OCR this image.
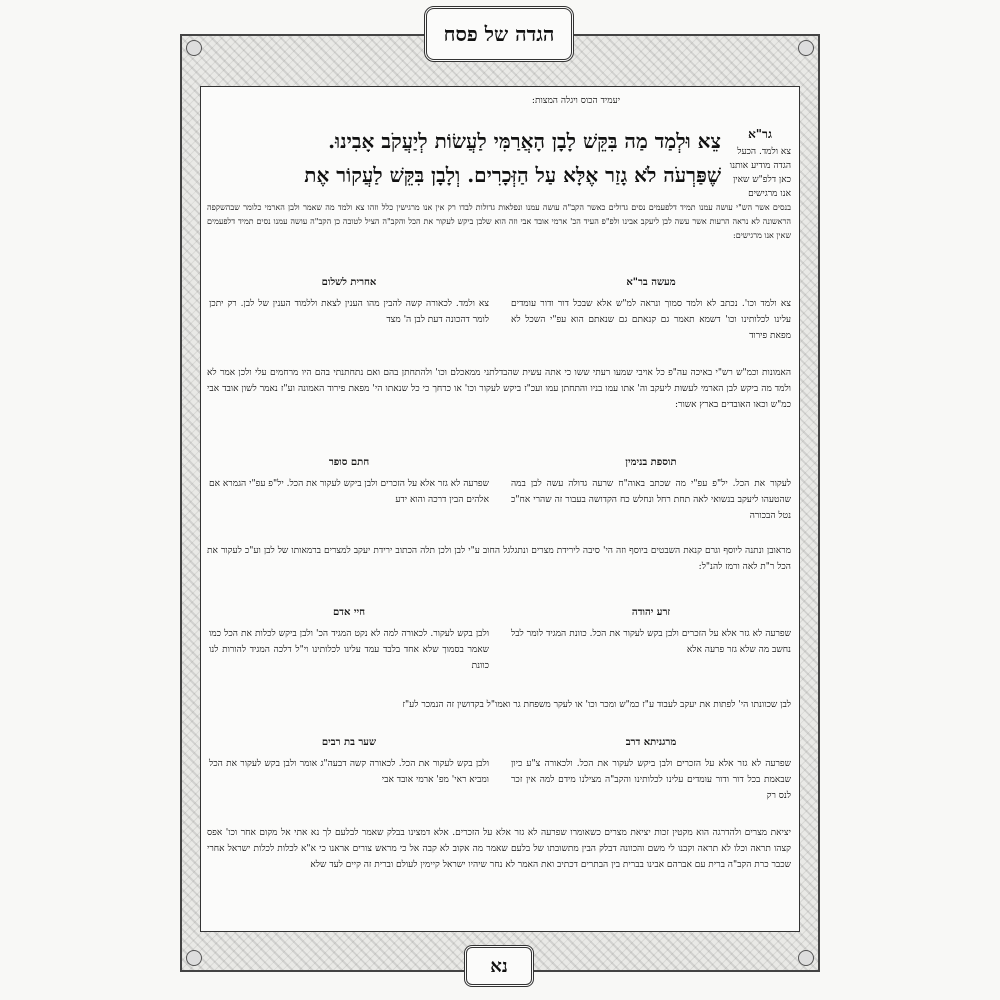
הגדה של פסח
יעמיד הכוס ויגלה המצות:
גר"א
צא ולמד. הכעל
הגדה מודיע אותנו
כאן דלפ"ש שאין
אנו מרגישים
צֵא וּלְמַד מַה בִּקֵּשׁ לָבָן הָאֲרַמִּי לַעֲשׂוֹת לְיַעֲקֹב אָבִינוּ.
שֶׁפַּרְעֹה לֹא גָזַר אֶלָּא עַל הַזְּכָרִים. וְלָבָן בִּקֵּשׁ לַעֲקוֹר אֶת
בנסים אשר הש"י עושה עמנו תמיד דלפעמים נסים גדולים כאשר הקב"ה עושה עמנו ונפלאות גדולות לבדו רק אין אנו מרגישין כלל וזהו צא ולמד מה שאמר ולבן הארמי כלומר שבהשקפה הראשונה לא נראה הרעות אשר עשה לבן ליעקב אבינו ולפ"פ העיד הכ' ארמי אובד אבי וזה הוא שלבן ביקש לעקור את הכל והקב"ה הציל לטובה כן הקב"ה עושה עמנו נסים תמיד דלפעמים שאין אנו מרגישים:
מעשה בר"א
צא ולמד וכו'. נכתב לא ולמד סמוך ונראה למ"ש אלא שבכל דור ודור עומדים עלינו לכלותינו וכו' דשמא תאמר גם קנאתם גם שנאתם הוא עפ"י השכל לא מפאת פירוד
אחרית לשלום
צא ולמד. לכאורה קשה להבין מהו הענין לצאת וללמוד הענין של לבן. רק יתכן לומר דהכונה דעת לבן ה' מצד
האמונות וכמ"ש רש"י באיכה עה"פ כל אויבי שמעו רעתי ששו כי אתה עשית שהבדלתני ממאכלם וכו' ולהתחתן בהם ואם נתחתנתי בהם היו מרחמים עלי ולכן אמר לא ולמד מה ביקש לבן הארמי לעשות ליעקב וה' אתו עמו בניו והתחתן עמו ועכ"ז ביקש לעקור וכו' או כרחך כי כל שנאתו הי' מפאת פירוד האמונה וע"ז נאמר לשון אובד אבי כמ"ש וכאו האובדים בארץ אשור:
תוספת בנימין
לעקור את הכל. יל"פ עפ"י מה שכתב באוה"ח שרעה גדולה עשה לבן במה שהטעהו ליעקב בנשואי לאה תחת רחל ונחלש כח הקדושה בעבור זה שהרי אח"כ נטל הבכורה
חתם סופר
שפרעה לא גזר אלא על הזכרים ולבן ביקש לעקור את הכל. יל"פ עפ"י הגמרא אם אלהים הבין דרכה והוא ידע
מראובן ונתנה ליוסף וגרם קנאת השבטים ביוסף וזה הי' סיבה לירידת מצרים ונתגלגל החוב ע"י לבן ולכן תלה הכתוב ירידת יעקב למצרים ברמאותו של לבן וע"כ לעקור את הכל ר"ת לאה ורמז להנ"ל:
זרע יהודה
שפרעה לא גזר אלא על הזכרים ולבן בקש לעקור את הכל. כוונת המגיד לומר לבל נחשב מה שלא גזר פרעה אלא
חיי אדם
ולבן בקש לעקור. לכאורה למה לא נקט המגיד הכ' ולבן ביקש לכלות את הכל כמו שאמר בסמוך שלא אחד בלבד עמד עלינו לכלותינו וי"ל דלכה המגיד להורות לנו כוונת
לבן שכוונתו הי' לפתות את יעקב לעבוד ע"ז כמ"ש ומכר וכו' או לעקר משפחת גר ואמו"ל בקדושין זה הנמכר לע"ז
מרגניתא דרב
שפרעה לא גזר אלא על הזכרים ולבן ביקש לעקור את הכל. ולכאורה צ"ע כיון שבאמת בכל דור ודור עומדים עלינו לכלותינו והקב"ה מצילנו מידם למה אין זכר לנס רק
שער בת רבים
ולבן בקש לעקור את הכל. לכאורה קשה דבעה"ג אומר ולבן בקש לעקור את הכל ומביא ראי' מפ' ארמי אובד אבי
יציאת מצרים ולהדרגה הוא מקטין זכות יציאת מצרים כשאומרו שפרעה לא גזר אלא על הזכרים. אלא דמצינו בבלק שאמר לבלעם לך נא אתי אל מקום אחר וכו' אפס קצהו תראה וכלו לא תראה וקבנו לי משם והכוונה דבלק הבין מתשובתו של בלעם שאמר מה אקוב לא קבה אל כי מראש צורים אראנו כי א"א לכלות לכלות ישראל אחרי שכבר כרת הקב"ה ברית עם אברהם אבינו בברית בין הבתרים דכתיב ואת האמר לא נחר שיהיו ישראל קיימין לעולם וברית זה קיים לעד שלא
נא
